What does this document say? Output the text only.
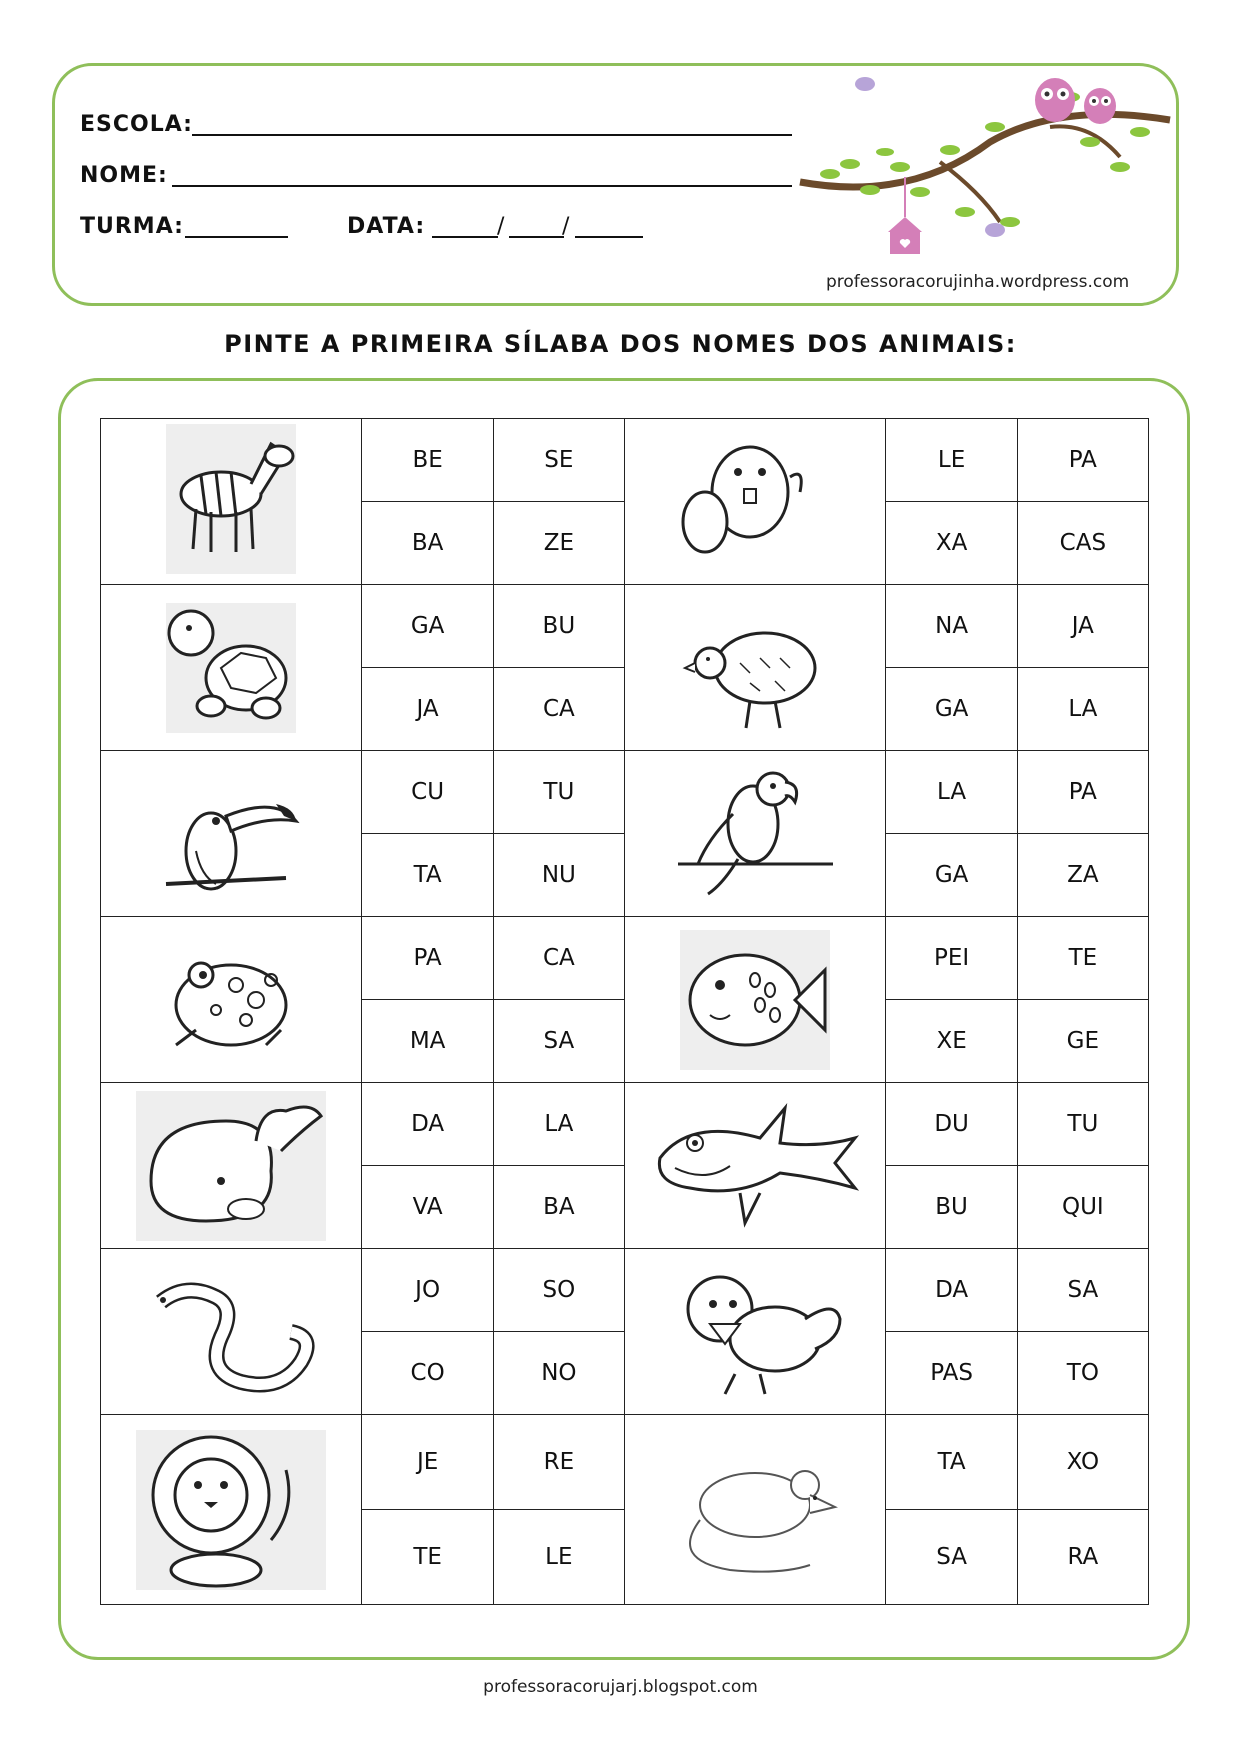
ESCOLA:
NOME:
TURMA:	DATA:	/	/
professoracorujinha.wordpress.com
PINTE A PRIMEIRA SÍLABA DOS NOMES DOS ANIMAIS:
	BE	SE		LE	PA
	BA	ZE		XA	CAS

	GA	BU		NA	JA
	JA	CA		GA	LA

	CU	TU		LA	PA
	TA	NU		GA	ZA

	PA	CA		PEI	TE
	MA	SA		XE	GE

	DA	LA		DU	TU
	VA	BA		BU	QUI

	JO	SO		DA	SA
	CO	NO		PAS	TO

	JE	RE		TA	XO
	TE	LE		SA	RA
professoracorujarj.blogspot.com
